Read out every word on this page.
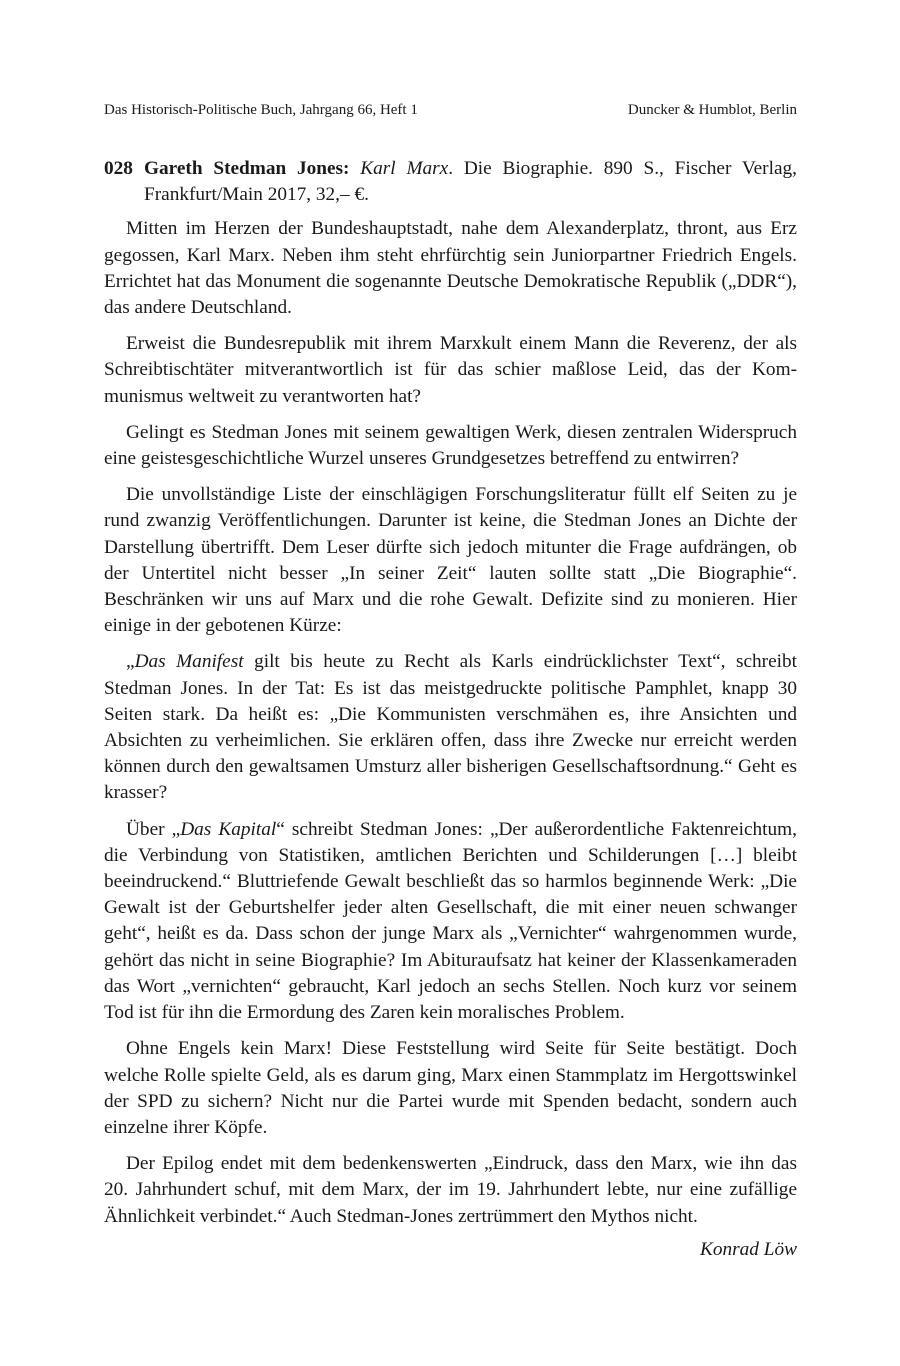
Das Historisch-Politische Buch, Jahrgang 66, Heft 1	Duncker & Humblot, Berlin
028 Gareth Stedman Jones: Karl Marx. Die Biographie. 890 S., Fischer Verlag, Frankfurt/Main 2017, 32,– €.

Mitten im Herzen der Bundeshauptstadt, nahe dem Alexanderplatz, thront, aus Erz gegossen, Karl Marx. Neben ihm steht ehrfürchtig sein Juniorpartner Friedrich Engels. Errichtet hat das Monument die sogenannte Deutsche Demokratische Republik („DDR“), das andere Deutschland.

Erweist die Bundesrepublik mit ihrem Marxkult einem Mann die Reverenz, der als Schreibtischtäter mitverantwortlich ist für das schier maßlose Leid, das der Kommunismus weltweit zu verantworten hat?

Gelingt es Stedman Jones mit seinem gewaltigen Werk, diesen zentralen Widerspruch eine geistesgeschichtliche Wurzel unseres Grundgesetzes betreffend zu entwirren?

Die unvollständige Liste der einschlägigen Forschungsliteratur füllt elf Seiten zu je rund zwanzig Veröffentlichungen. Darunter ist keine, die Stedman Jones an Dichte der Darstellung übertrifft. Dem Leser dürfte sich jedoch mitunter die Frage aufdrängen, ob der Untertitel nicht besser „In seiner Zeit“ lauten sollte statt „Die Biographie“. Beschränken wir uns auf Marx und die rohe Gewalt. Defizite sind zu monieren. Hier einige in der gebotenen Kürze:

„Das Manifest gilt bis heute zu Recht als Karls eindrücklichster Text“, schreibt Stedman Jones. In der Tat: Es ist das meistgedruckte politische Pamphlet, knapp 30 Seiten stark. Da heißt es: „Die Kommunisten verschmähen es, ihre Ansichten und Absichten zu verheimlichen. Sie erklären offen, dass ihre Zwecke nur erreicht werden können durch den gewaltsamen Umsturz aller bisherigen Gesellschaftsordnung.“ Geht es krasser?

Über „Das Kapital“ schreibt Stedman Jones: „Der außerordentliche Faktenreichtum, die Verbindung von Statistiken, amtlichen Berichten und Schilderungen […] bleibt beeindruckend.“ Bluttriefende Gewalt beschließt das so harmlos beginnende Werk: „Die Gewalt ist der Geburtshelfer jeder alten Gesellschaft, die mit einer neuen schwanger geht“, heißt es da. Dass schon der junge Marx als „Vernichter“ wahrgenommen wurde, gehört das nicht in seine Biographie? Im Abituraufsatz hat keiner der Klassenkameraden das Wort „vernichten“ gebraucht, Karl jedoch an sechs Stellen. Noch kurz vor seinem Tod ist für ihn die Ermordung des Zaren kein moralisches Problem.

Ohne Engels kein Marx! Diese Feststellung wird Seite für Seite bestätigt. Doch welche Rolle spielte Geld, als es darum ging, Marx einen Stammplatz im Hergottswinkel der SPD zu sichern? Nicht nur die Partei wurde mit Spenden bedacht, sondern auch einzelne ihrer Köpfe.

Der Epilog endet mit dem bedenkenswerten „Eindruck, dass den Marx, wie ihn das 20. Jahrhundert schuf, mit dem Marx, der im 19. Jahrhundert lebte, nur eine zufällige Ähnlichkeit verbindet.“ Auch Stedman-Jones zertrümmert den Mythos nicht.

Konrad Löw
